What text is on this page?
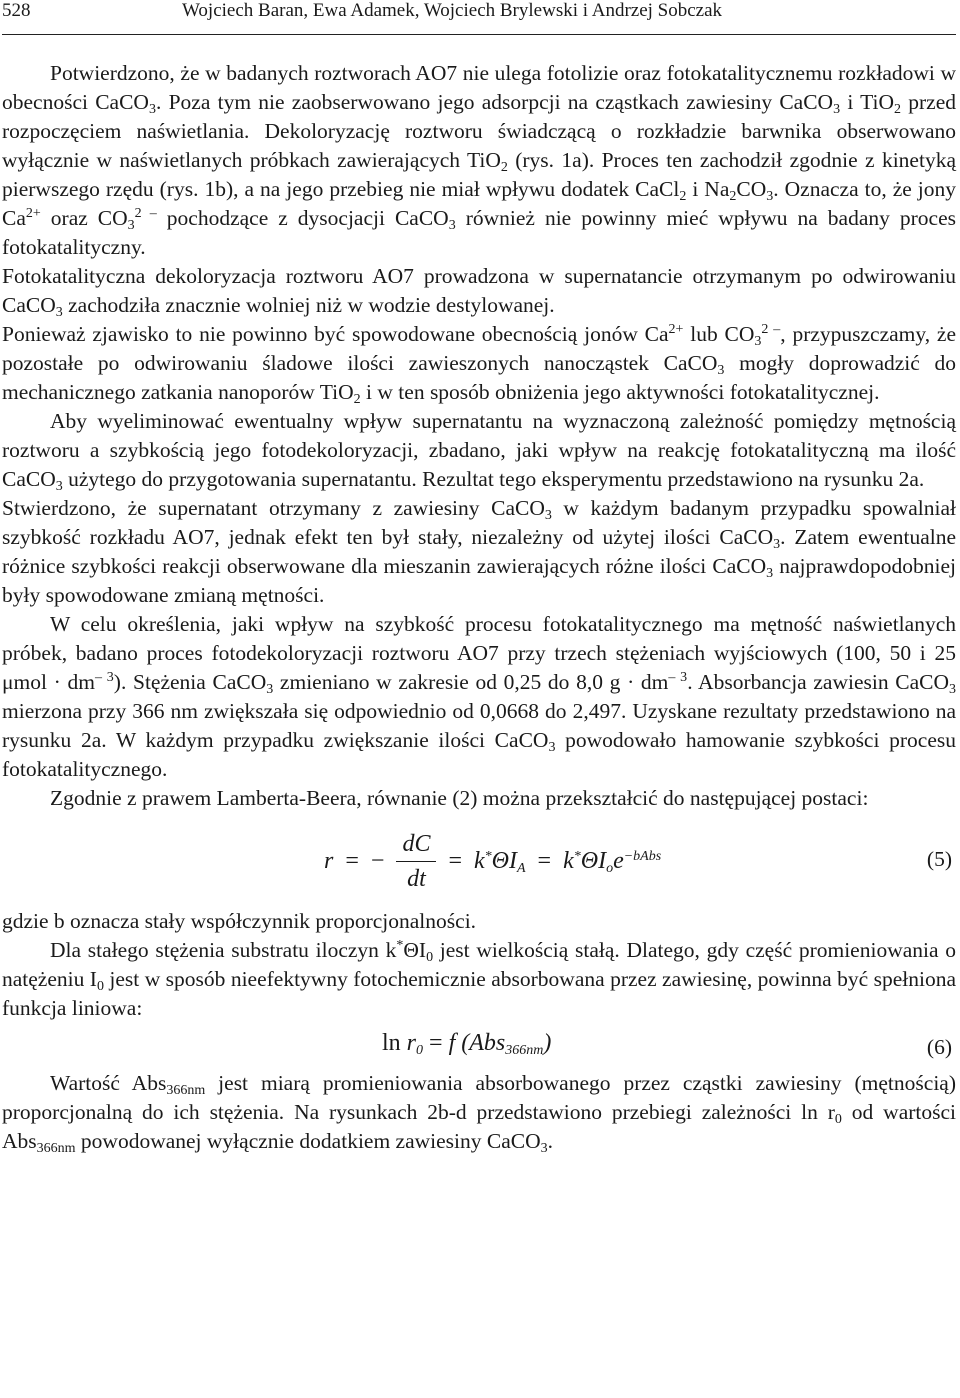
528	Wojciech Baran, Ewa Adamek, Wojciech Brylewski i Andrzej Sobczak

Potwierdzono, że w badanych roztworach AO7 nie ulega fotolizie oraz fotokatalitycznemu rozkładowi w obecności CaCO$_3$. Poza tym nie zaobserwowano jego adsorpcji na cząstkach zawiesiny CaCO$_3$ i TiO$_2$ przed rozpoczęciem naświetlania. Dekoloryzację roztworu świadczącą o rozkładzie barwnika obserwowano wyłącznie w naświetlanych próbkach zawierających TiO$_2$ (rys. 1a). Proces ten zachodził zgodnie z kinetyką pierwszego rzędu (rys. 1b), a na jego przebieg nie miał wpływu dodatek CaCl$_2$ i $Na_2CO_3$. Oznacza to, że jony $Ca^{2+}$ oraz $CO_3^{2 -}$ pochodzące z dysocjacji CaCO$_3$ również nie powinny mieć wpływu na badany proces fotokatalityczny.

Fotokatalityczna dekoloryzacja roztworu AO7 prowadzona w supernatancie otrzymanym po odwirowaniu CaCO$_3$ zachodziła znacznie wolniej niż w wodzie destylowanej.

Ponieważ zjawisko to nie powinno być spowodowane obecnością jonów $Ca^{2+}$ lub $CO_3^{2 -}$, przypuszczamy, że pozostałe po odwirowaniu śladowe ilości zawieszonych nanocząstek CaCO$_3$ mogły doprowadzić do mechanicznego zatkania nanoporów TiO$_2$ i w ten sposób obniżenia jego aktywności fotokatalitycznej.

Aby wyeliminować ewentualny wpływ supernatantu na wyznaczoną zależność pomiędzy mętnością roztworu a szybkością jego fotodekoloryzacji, zbadano, jaki wpływ na reakcję fotokatalityczną ma ilość CaCO$_3$ użytego do przygotowania supernatantu. Rezultat tego eksperymentu przedstawiono na rysunku 2a.

Stwierdzono, że supernatant otrzymany z zawiesiny CaCO$_3$ w każdym badanym przypadku spowalniał szybkość rozkładu AO7, jednak efekt ten był stały, niezależny od użytej ilości CaCO$_3$. Zatem ewentualne różnice szybkości reakcji obserwowane dla mieszanin zawierających różne ilości CaCO$_3$ najprawdopodobniej były spowodowane zmianą mętności.

W celu określenia, jaki wpływ na szybkość procesu fotokatalitycznego ma mętność naświetlanych próbek, badano proces fotodekoloryzacji roztworu AO7 przy trzech stężeniach wyjściowych (100, 50 i 25 $\mu mol \cdot dm^{- 3}$). Stężenia CaCO$_3$ zmieniano w zakresie od 0,25 do 8,0 $g \cdot dm^{- 3}$. Absorbancja zawiesin CaCO$_3$ mierzona przy 366 nm zwiększała się odpowiednio od 0,0668 do 2,497. Uzyskane rezultaty przedstawiono na rysunku 2a. W każdym przypadku zwiększanie ilości CaCO$_3$ powodowało hamowanie szybkości procesu fotokatalitycznego.

Zgodnie z prawem Lamberta-Beera, równanie (2) można przekształcić do następującej postaci:

r = − $\frac{dC}{dt} = k^*\Theta I_A = k^*\Theta I_oe^{-bAbs}$	(5)

gdzie b oznacza stały współczynnik proporcjonalności.

Dla stałego stężenia substratu iloczyn $k^*\Theta I_0$ jest wielkością stałą. Dlatego, gdy część promieniowania o natężeniu $I_0$ jest w sposób nieefektywny fotochemicznie absorbowana przez zawiesinę, powinna być spełniona funkcja liniowa:

$\ln r_0 = f$ (Abs$_{366nm}$)	(6)

Wartość Abs$_{366nm}$ jest miarą promieniowania absorbowanego przez cząstki zawiesiny (mętnością) proporcjonalną do ich stężenia. Na rysunkach 2b-d przedstawiono przebiegi zależności $\ln r_0$ od wartości Abs$_{366nm}$ powodowanej wyłącznie dodatkiem zawiesiny CaCO$_3$.
